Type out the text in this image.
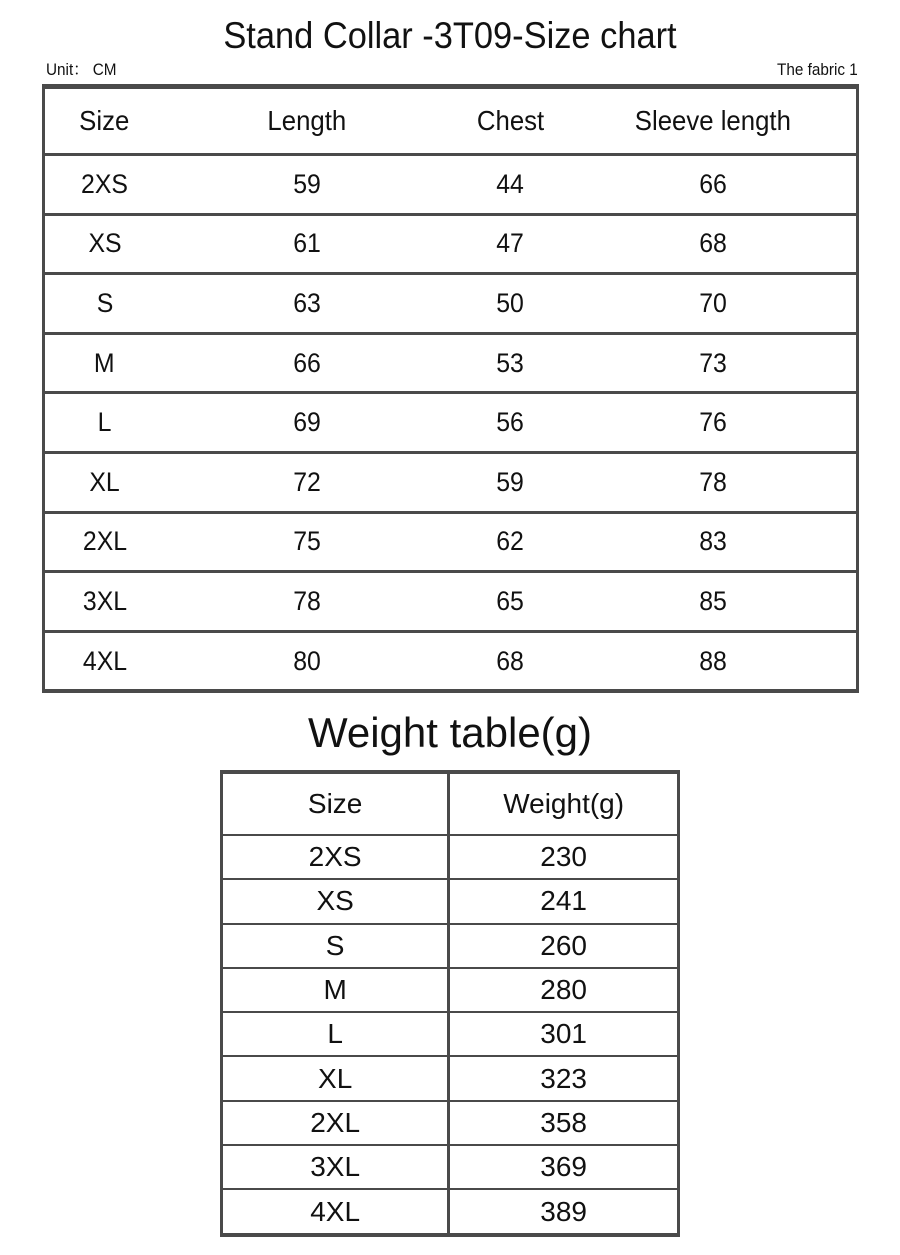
Stand Collar -3T09-Size chart
Unit： CM	The fabric 1
Size	Length	Chest	Sleeve length
2XS	59	44	66
XS	61	47	68
S	63	50	70
M	66	53	73
L	69	56	76
XL	72	59	78
2XL	75	62	83
3XL	78	65	85
4XL	80	68	88
Weight table(g)
Size	Weight(g)
2XS	230
XS	241
S	260
M	280
L	301
XL	323
2XL	358
3XL	369
4XL	389
